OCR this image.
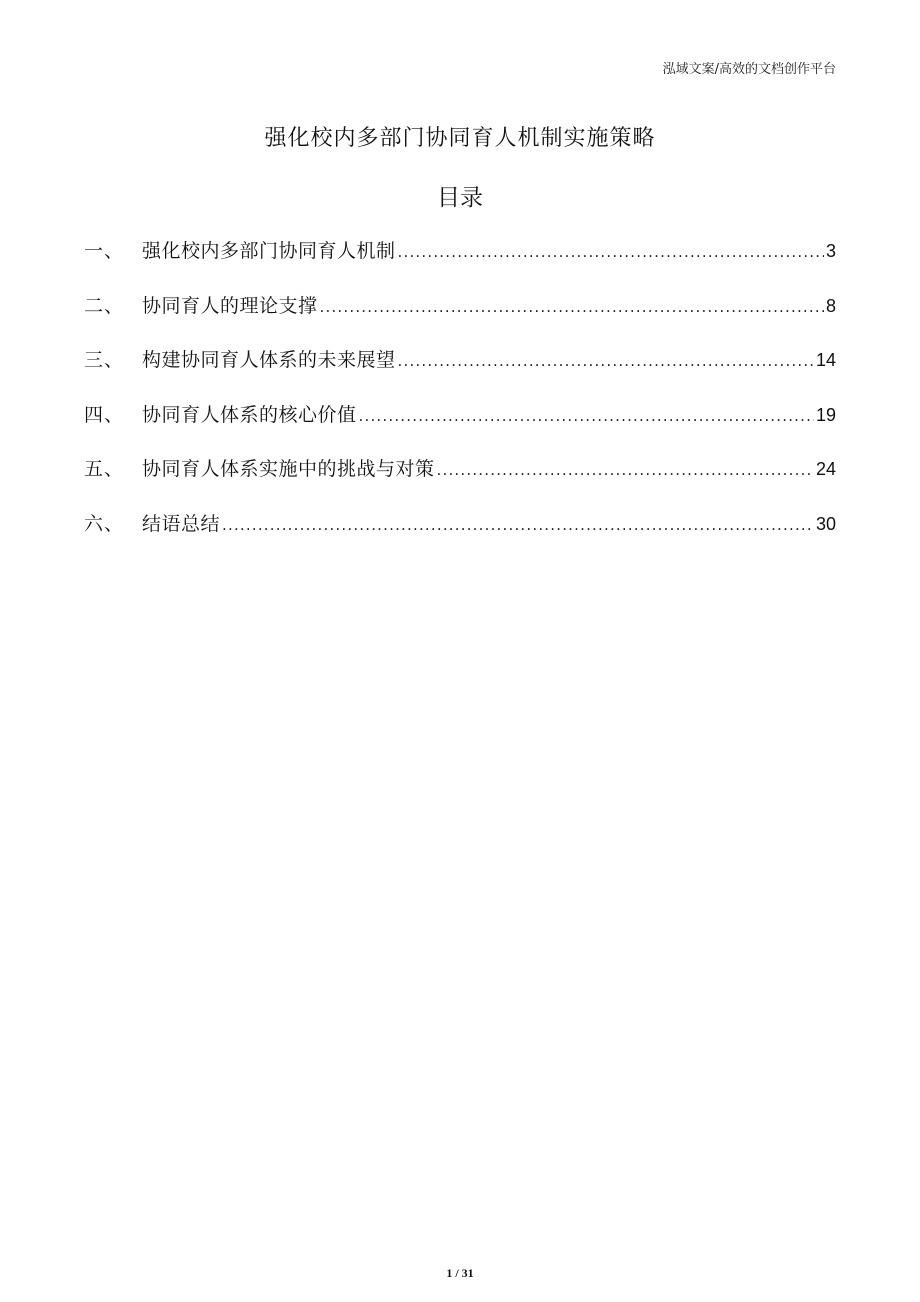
泓域文案/高效的文档创作平台
强化校内多部门协同育人机制实施策略
目录
一、 强化校内多部门协同育人机制 .....	3
二、 协同育人的理论支撑 .....	8
三、 构建协同育人体系的未来展望 .....	14
四、 协同育人体系的核心价值 .....	19
五、 协同育人体系实施中的挑战与对策 .....	24
六、 结语总结 .....	30
1 / 31
